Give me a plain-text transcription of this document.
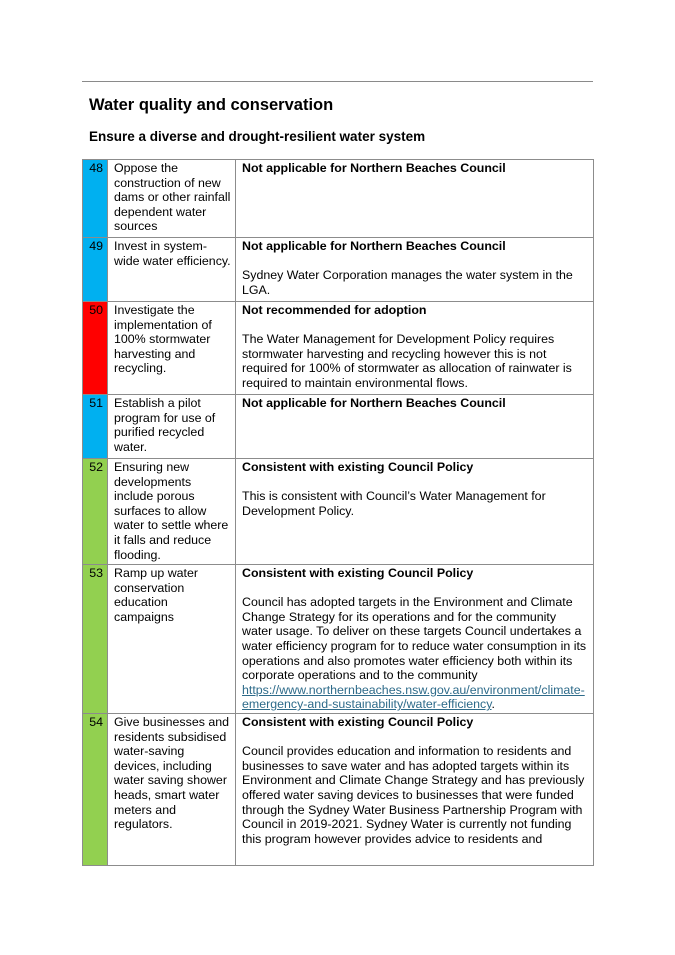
Water quality and conservation
Ensure a diverse and drought-resilient water system
48	Oppose the construction of new dams or other rainfall dependent water sources	Not applicable for Northern Beaches Council

49	Invest in system-wide water efficiency.	Not applicable for Northern Beaches Council
Sydney Water Corporation manages the water system in the LGA.

50	Investigate the implementation of 100% stormwater harvesting and recycling.	Not recommended for adoption
The Water Management for Development Policy requires stormwater harvesting and recycling however this is not required for 100% of stormwater as allocation of rainwater is required to maintain environmental flows.

51	Establish a pilot program for use of purified recycled water.	Not applicable for Northern Beaches Council

52	Ensuring new developments include porous surfaces to allow water to settle where it falls and reduce flooding.	Consistent with existing Council Policy
This is consistent with Council’s Water Management for Development Policy.

53	Ramp up water conservation education campaigns	Consistent with existing Council Policy
Council has adopted targets in the Environment and Climate Change Strategy for its operations and for the community water usage. To deliver on these targets Council undertakes a water efficiency program for to reduce water consumption in its operations and also promotes water efficiency both within its corporate operations and to the community https://www.northernbeaches.nsw.gov.au/environment/climate-emergency-and-sustainability/water-efficiency.

54	Give businesses and residents subsidised water-saving devices, including water saving shower heads, smart water meters and regulators.	Consistent with existing Council Policy
Council provides education and information to residents and businesses to save water and has adopted targets within its Environment and Climate Change Strategy and has previously offered water saving devices to businesses that were funded through the Sydney Water Business Partnership Program with Council in 2019-2021. Sydney Water is currently not funding this program however provides advice to residents and
